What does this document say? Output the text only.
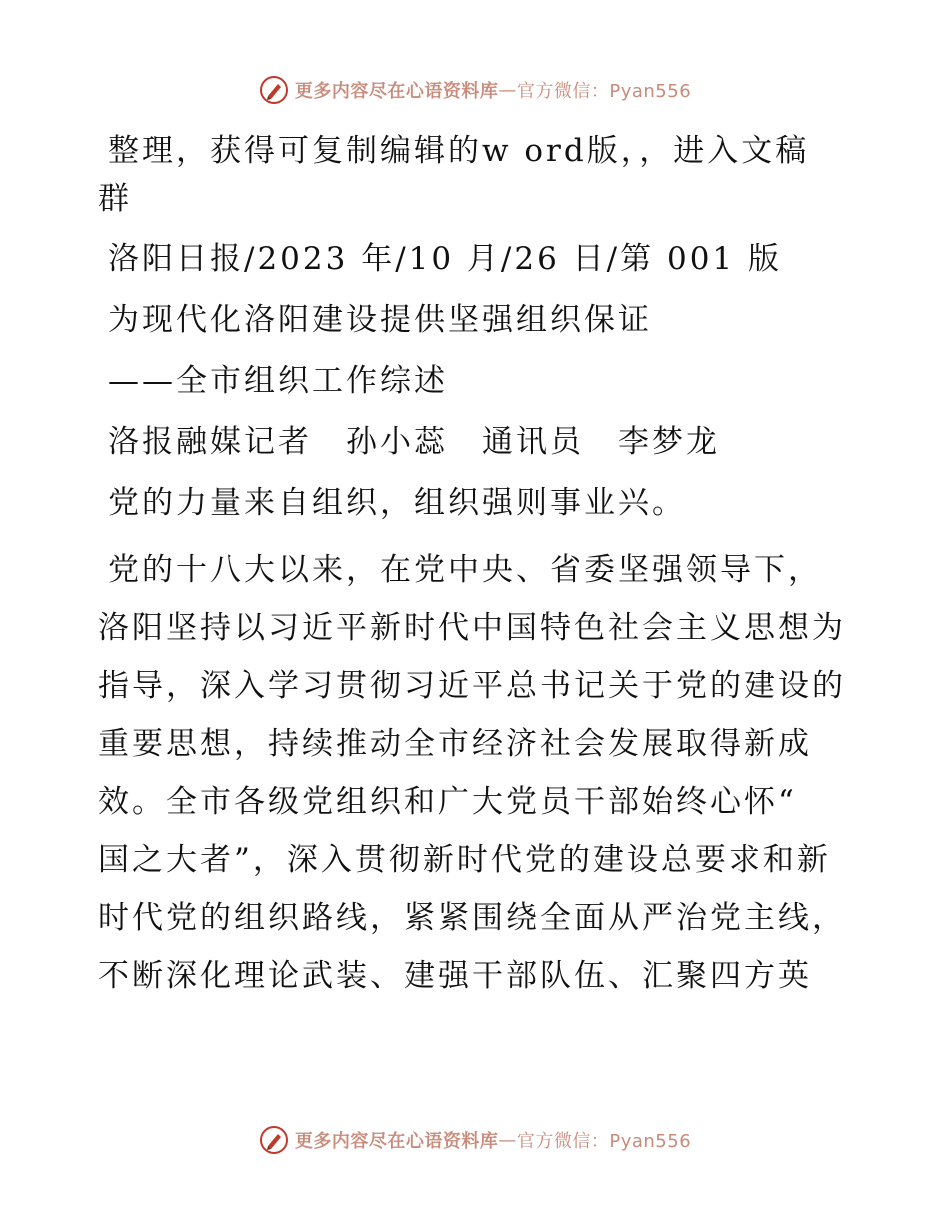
更多内容尽在心语资料库 — 官方微信：Pyan556
整理，获得可复制编辑的w ord版，，进入文稿
群

洛阳日报/2023 年/10 月/26 日/第 001 版

为现代化洛阳建设提供坚强组织保证

——全市组织工作综述

洛报融媒记者　孙小蕊　通讯员　李梦龙

党的力量来自组织，组织强则事业兴。

党的十八大以来，在党中央、省委坚强领导下，
洛阳坚持以习近平新时代中国特色社会主义思想为
指导，深入学习贯彻习近平总书记关于党的建设的
重要思想，持续推动全市经济社会发展取得新成
效。全市各级党组织和广大党员干部始终心怀“
国之大者”，深入贯彻新时代党的建设总要求和新
时代党的组织路线，紧紧围绕全面从严治党主线，
不断深化理论武装、建强干部队伍、汇聚四方英
更多内容尽在心语资料库 — 官方微信：Pyan556
